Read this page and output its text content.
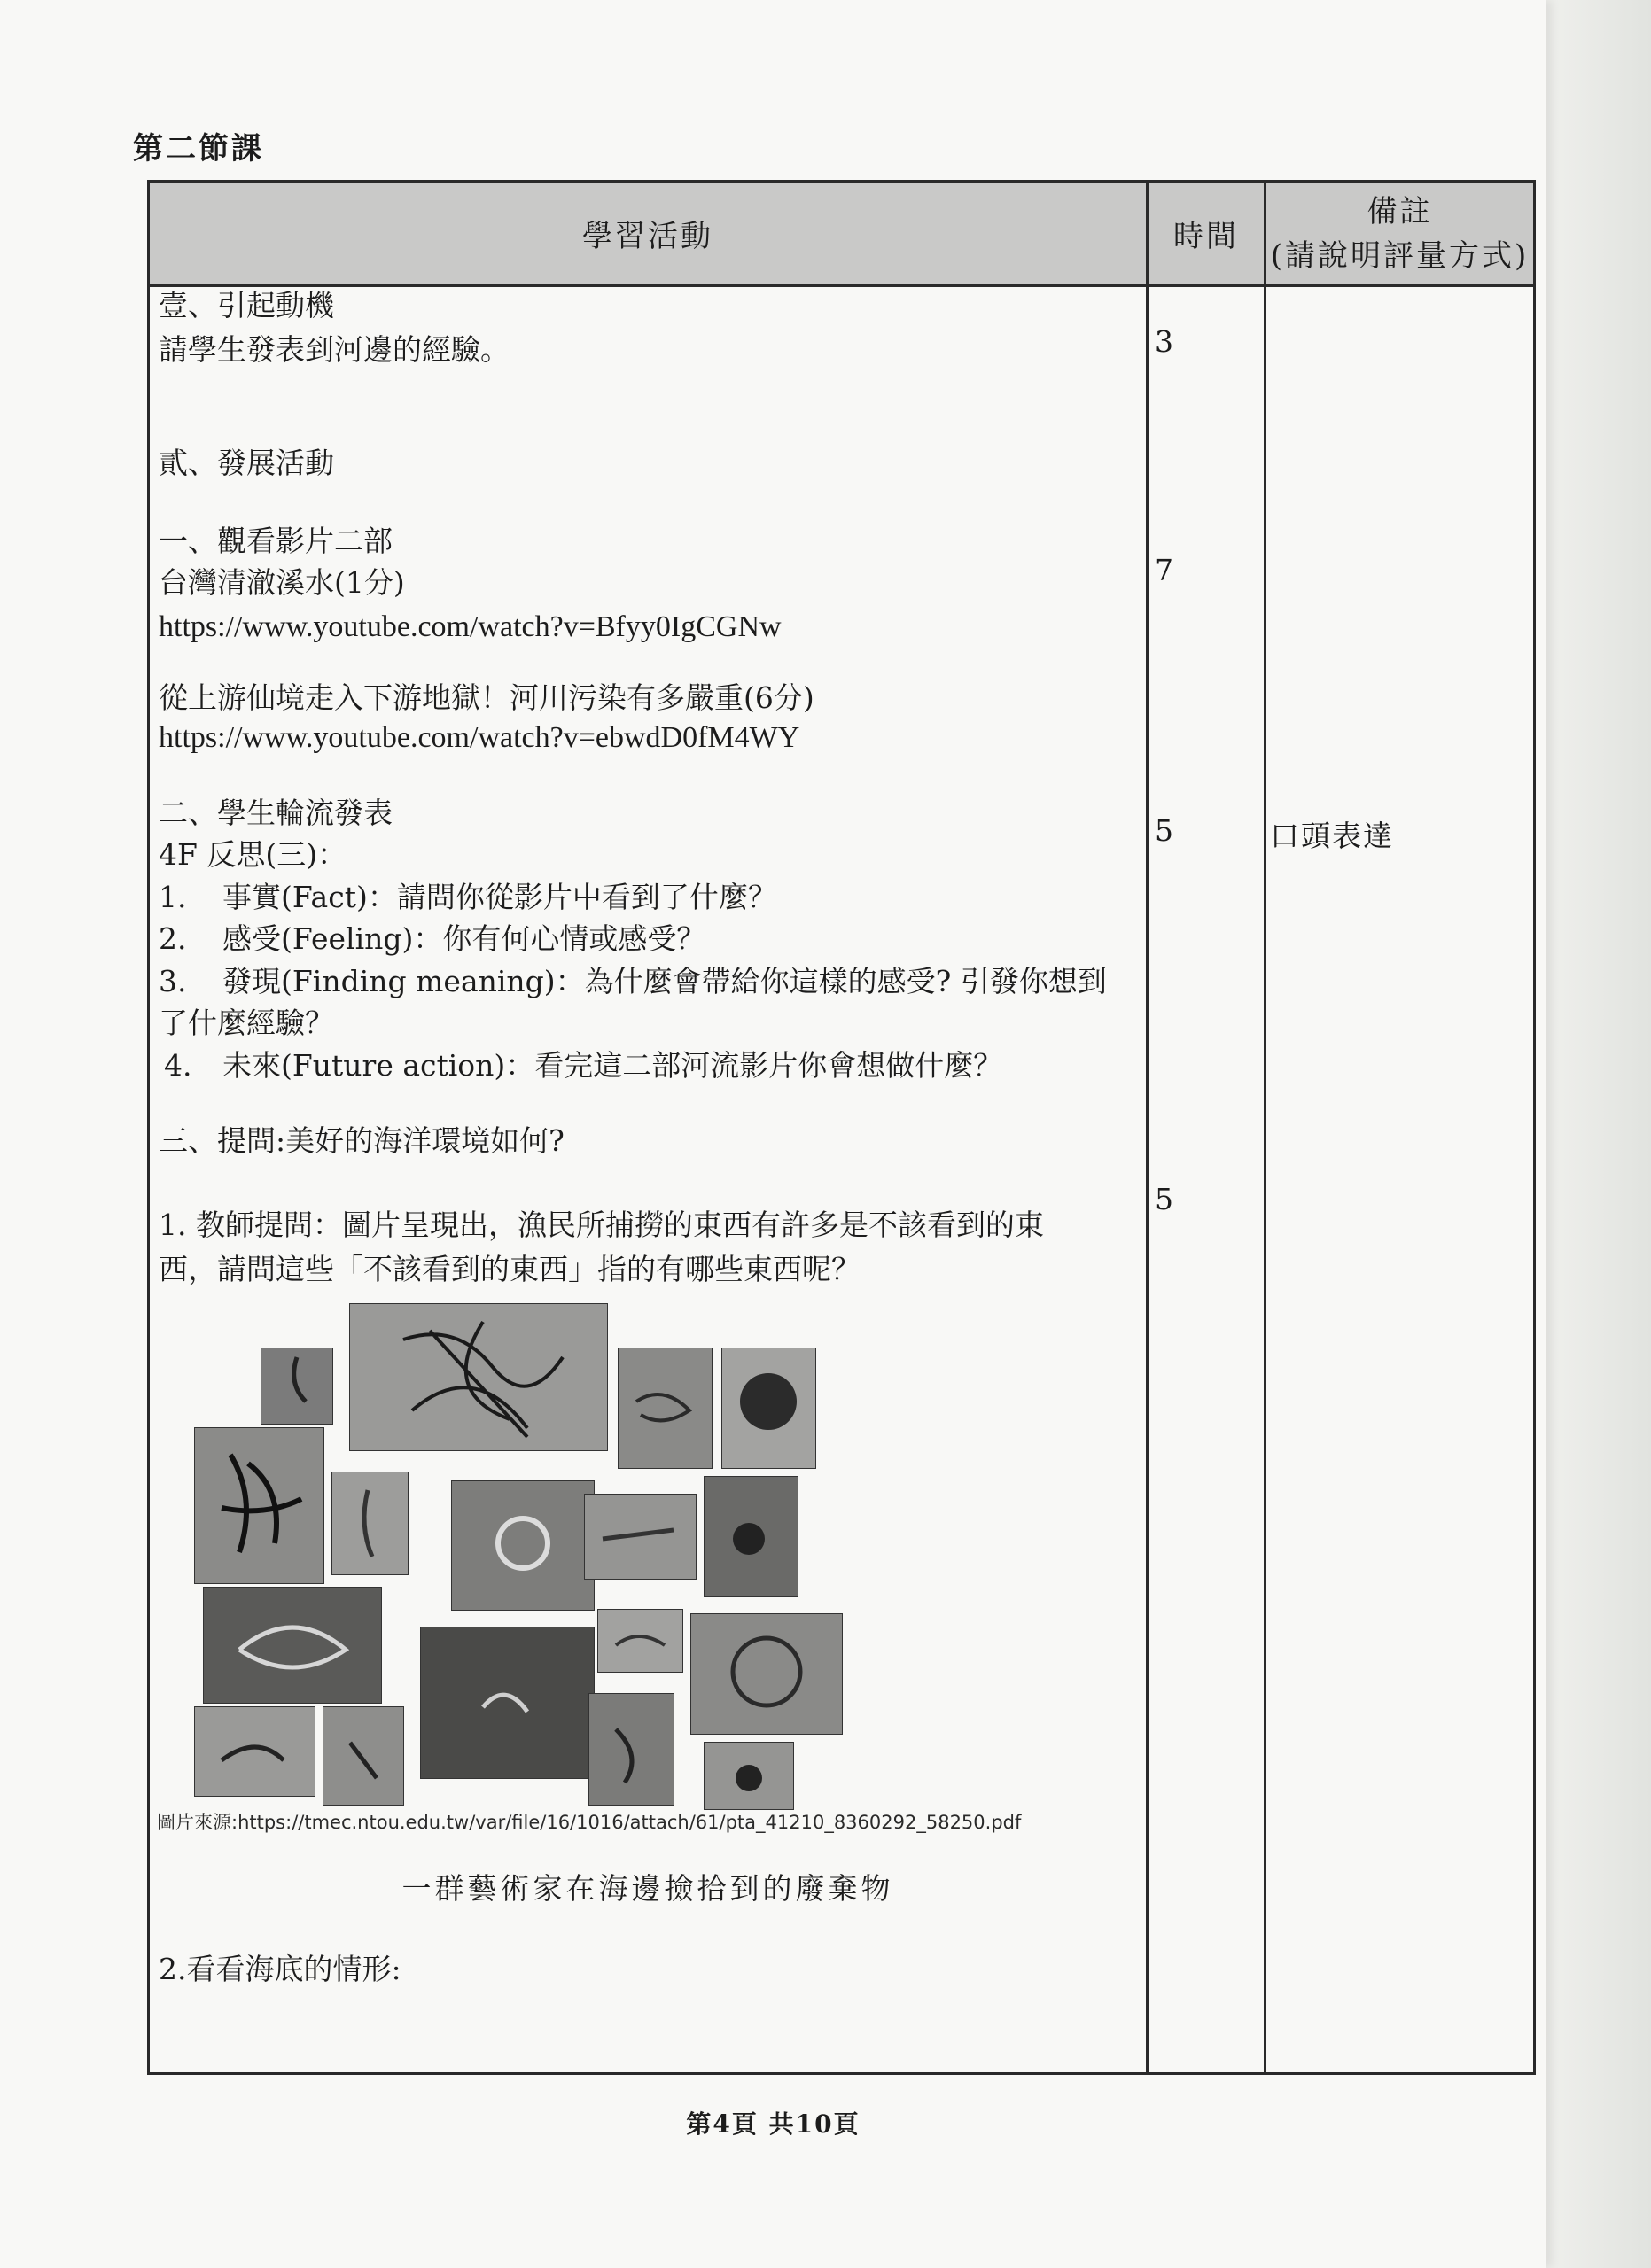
第二節課
學習活動	時間
備註
(請說明評量方式)
壹、引起動機
請學生發表到河邊的經驗。
貳、發展活動
一、觀看影片二部
台灣清澈溪水(1分)
https://www.youtube.com/watch?v=Bfyy0IgCGNw
從上游仙境走入下游地獄！河川污染有多嚴重(6分)
https://www.youtube.com/watch?v=ebwdD0fM4WY
二、學生輪流發表
4F 反思(三)：
1. 事實(Fact)：請問你從影片中看到了什麼？
2. 感受(Feeling)：你有何心情或感受？
3. 發現(Finding meaning)：為什麼會帶給你這樣的感受? 引發你想到
了什麼經驗？
4. 未來(Future action)：看完這二部河流影片你會想做什麼？
三、提問:美好的海洋環境如何?
1. 教師提問：圖片呈現出，漁民所捕撈的東西有許多是不該看到的東
西，請問這些「不該看到的東西」指的有哪些東西呢？
圖片來源:https://tmec.ntou.edu.tw/var/file/16/1016/attach/61/pta_41210_8360292_58250.pdf
一群藝術家在海邊撿拾到的廢棄物
2.看看海底的情形:
3
7
5
5
口頭表達
第4頁 共10頁
